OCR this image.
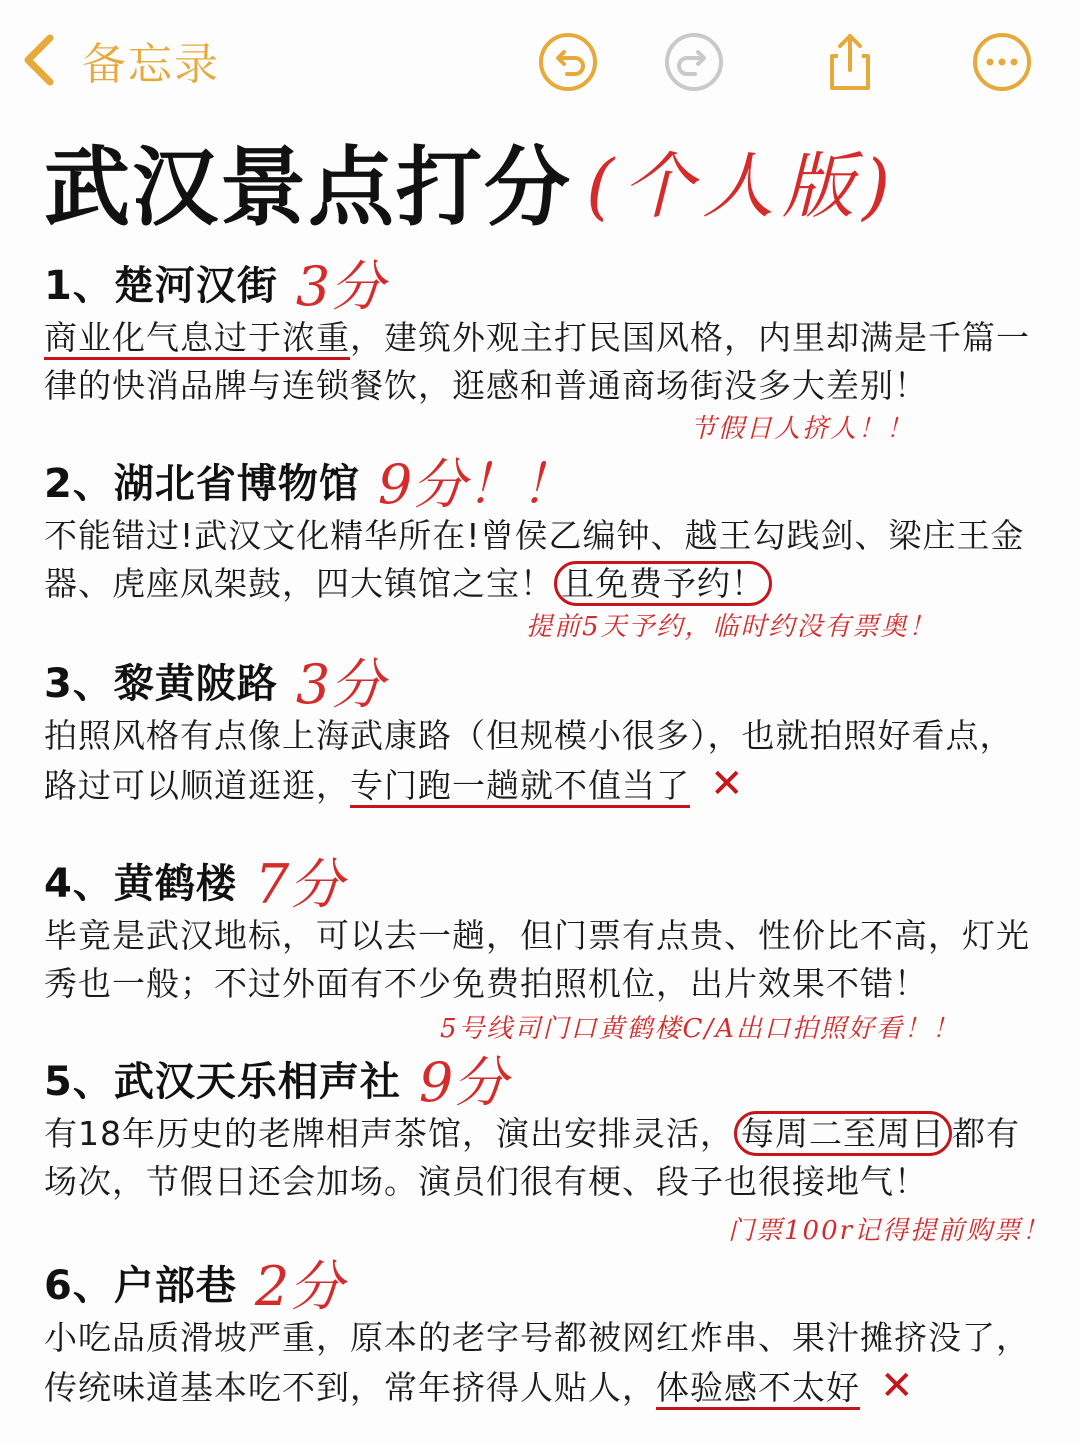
备忘录
武汉景点打分 (个人版)
1、楚河汉街 3分
商业化气息过于浓重，建筑外观主打民国风格，内里却满是千篇一律的快消品牌与连锁餐饮，逛感和普通商场街没多大差别！
节假日人挤人！！
2、湖北省博物馆 9分！！
不能错过!武汉文化精华所在!曾侯乙编钟、越王勾践剑、梁庄王金器、虎座凤架鼓，四大镇馆之宝！ 且免费予约！
提前5天予约，临时约没有票奥！
3、黎黄陂路 3分
拍照风格有点像上海武康路（但规模小很多），也就拍照好看点，路过可以顺道逛逛，专门跑一趟就不值当了 ✕
4、黄鹤楼 7分
毕竟是武汉地标，可以去一趟，但门票有点贵、性价比不高，灯光秀也一般；不过外面有不少免费拍照机位，出片效果不错！
5号线司门口黄鹤楼C/A出口拍照好看！！
5、武汉天乐相声社 9分
有18年历史的老牌相声茶馆，演出安排灵活， 每周二至周日 都有场次，节假日还会加场。演员们很有梗、段子也很接地气！
门票100r记得提前购票！
6、户部巷 2分
小吃品质滑坡严重，原本的老字号都被网红炸串、果汁摊挤没了，传统味道基本吃不到，常年挤得人贴人，体验感不太好 ✕
